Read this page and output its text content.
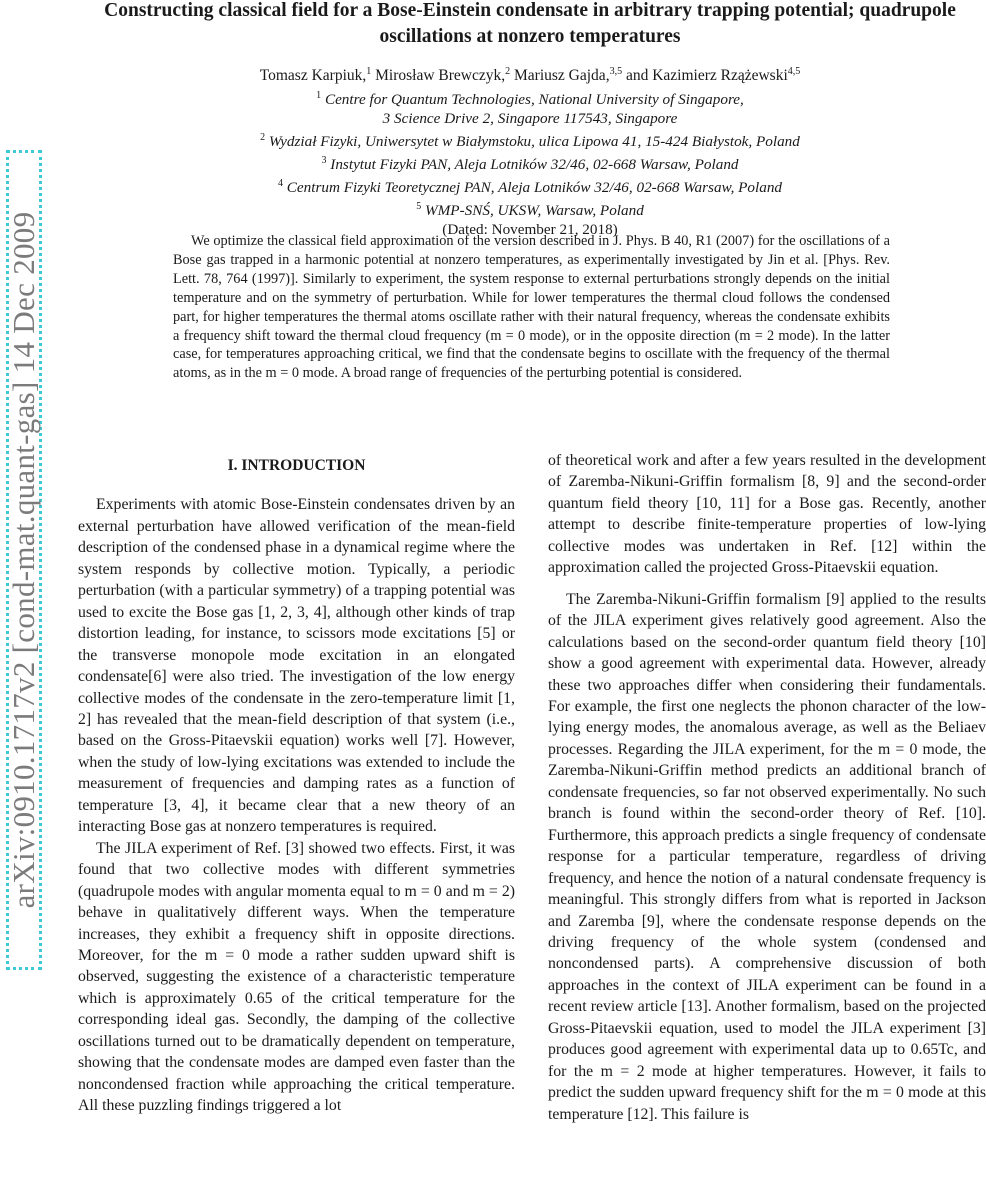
arXiv:0910.1717v2 [cond-mat.quant-gas] 14 Dec 2009
Constructing classical field for a Bose-Einstein condensate in arbitrary trapping potential; quadrupole oscillations at nonzero temperatures
Tomasz Karpiuk,$^1$ Mirosław Brewczyk,$^2$ Mariusz Gajda,$^{3,5}$ and Kazimierz Rzążewski$^{4,5}$
$^1$ Centre for Quantum Technologies, National University of Singapore,
3 Science Drive 2, Singapore 117543, Singapore
$^2$ Wydział Fizyki, Uniwersytet w Białymstoku, ulica Lipowa 41, 15-424 Białystok, Poland
$^3$ Instytut Fizyki PAN, Aleja Lotników 32/46, 02-668 Warsaw, Poland
$^4$ Centrum Fizyki Teoretycznej PAN, Aleja Lotników 32/46, 02-668 Warsaw, Poland
$^5$ WMP-SNŚ, UKSW, Warsaw, Poland
(Dated: November 21, 2018)

We optimize the classical field approximation of the version described in J. Phys. B 40, R1 (2007) for the oscillations of a Bose gas trapped in a harmonic potential at nonzero temperatures, as experimentally investigated by Jin et al. [Phys. Rev. Lett. 78, 764 (1997)]. Similarly to experiment, the system response to external perturbations strongly depends on the initial temperature and on the symmetry of perturbation. While for lower temperatures the thermal cloud follows the condensed part, for higher temperatures the thermal atoms oscillate rather with their natural frequency, whereas the condensate exhibits a frequency shift toward the thermal cloud frequency (m = 0 mode), or in the opposite direction (m = 2 mode). In the latter case, for temperatures approaching critical, we find that the condensate begins to oscillate with the frequency of the thermal atoms, as in the m = 0 mode. A broad range of frequencies of the perturbing potential is considered.

I. INTRODUCTION

Experiments with atomic Bose-Einstein condensates driven by an external perturbation have allowed verification of the mean-field description of the condensed phase in a dynamical regime where the system responds by collective motion. Typically, a periodic perturbation (with a particular symmetry) of a trapping potential was used to excite the Bose gas [1, 2, 3, 4], although other kinds of trap distortion leading, for instance, to scissors mode excitations [5] or the transverse monopole mode excitation in an elongated condensate[6] were also tried. The investigation of the low energy collective modes of the condensate in the zero-temperature limit [1, 2] has revealed that the mean-field description of that system (i.e., based on the Gross-Pitaevskii equation) works well [7]. However, when the study of low-lying excitations was extended to include the measurement of frequencies and damping rates as a function of temperature [3, 4], it became clear that a new theory of an interacting Bose gas at nonzero temperatures is required.

The JILA experiment of Ref. [3] showed two effects. First, it was found that two collective modes with different symmetries (quadrupole modes with angular momenta equal to m = 0 and m = 2) behave in qualitatively different ways. When the temperature increases, they exhibit a frequency shift in opposite directions. Moreover, for the m = 0 mode a rather sudden upward shift is observed, suggesting the existence of a characteristic temperature which is approximately 0.65 of the critical temperature for the corresponding ideal gas. Secondly, the damping of the collective oscillations turned out to be dramatically dependent on temperature, showing that the condensate modes are damped even faster than the noncondensed fraction while approaching the critical temperature. All these puzzling findings triggered a lot

of theoretical work and after a few years resulted in the development of Zaremba-Nikuni-Griffin formalism [8, 9] and the second-order quantum field theory [10, 11] for a Bose gas. Recently, another attempt to describe finite-temperature properties of low-lying collective modes was undertaken in Ref. [12] within the approximation called the projected Gross-Pitaevskii equation.

The Zaremba-Nikuni-Griffin formalism [9] applied to the results of the JILA experiment gives relatively good agreement. Also the calculations based on the second-order quantum field theory [10] show a good agreement with experimental data. However, already these two approaches differ when considering their fundamentals. For example, the first one neglects the phonon character of the low-lying energy modes, the anomalous average, as well as the Beliaev processes. Regarding the JILA experiment, for the m = 0 mode, the Zaremba-Nikuni-Griffin method predicts an additional branch of condensate frequencies, so far not observed experimentally. No such branch is found within the second-order theory of Ref. [10]. Furthermore, this approach predicts a single frequency of condensate response for a particular temperature, regardless of driving frequency, and hence the notion of a natural condensate frequency is meaningful. This strongly differs from what is reported in Jackson and Zaremba [9], where the condensate response depends on the driving frequency of the whole system (condensed and noncondensed parts). A comprehensive discussion of both approaches in the context of JILA experiment can be found in a recent review article [13]. Another formalism, based on the projected Gross-Pitaevskii equation, used to model the JILA experiment [3] produces good agreement with experimental data up to 0.65Tc, and for the m = 2 mode at higher temperatures. However, it fails to predict the sudden upward frequency shift for the m = 0 mode at this temperature [12]. This failure is
